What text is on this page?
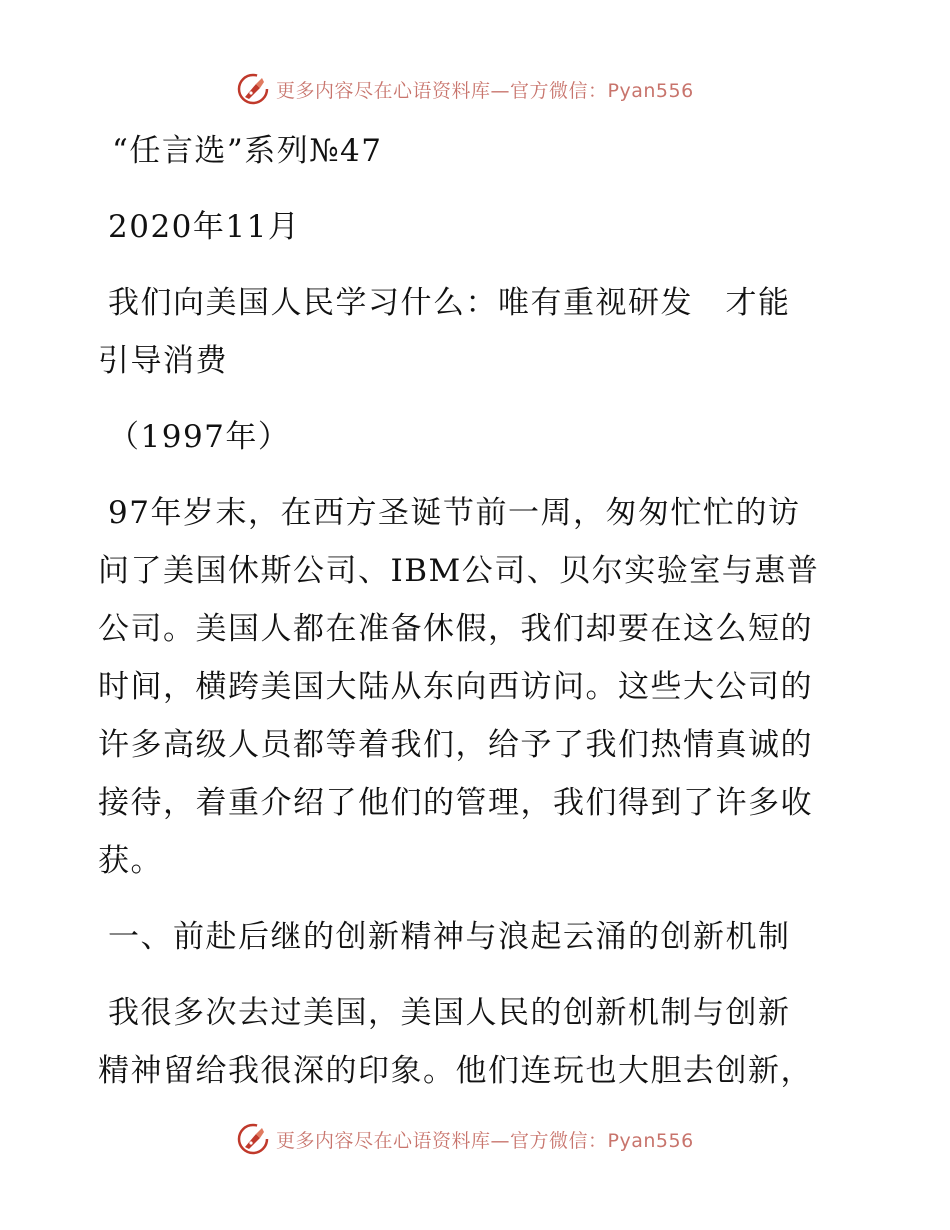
更多内容尽在心语资料库—官方微信：Pyan556
“任言选”系列№47
2020年11月
我们向美国人民学习什么：唯有重视研发　才能
引导消费
（1997年）
97年岁末，在西方圣诞节前一周，匆匆忙忙的访
问了美国休斯公司、IBM公司、贝尔实验室与惠普
公司。美国人都在准备休假，我们却要在这么短的
时间，横跨美国大陆从东向西访问。这些大公司的
许多高级人员都等着我们，给予了我们热情真诚的
接待，着重介绍了他们的管理，我们得到了许多收
获。
一、前赴后继的创新精神与浪起云涌的创新机制
我很多次去过美国，美国人民的创新机制与创新
精神留给我很深的印象。他们连玩也大胆去创新，
更多内容尽在心语资料库—官方微信：Pyan556
